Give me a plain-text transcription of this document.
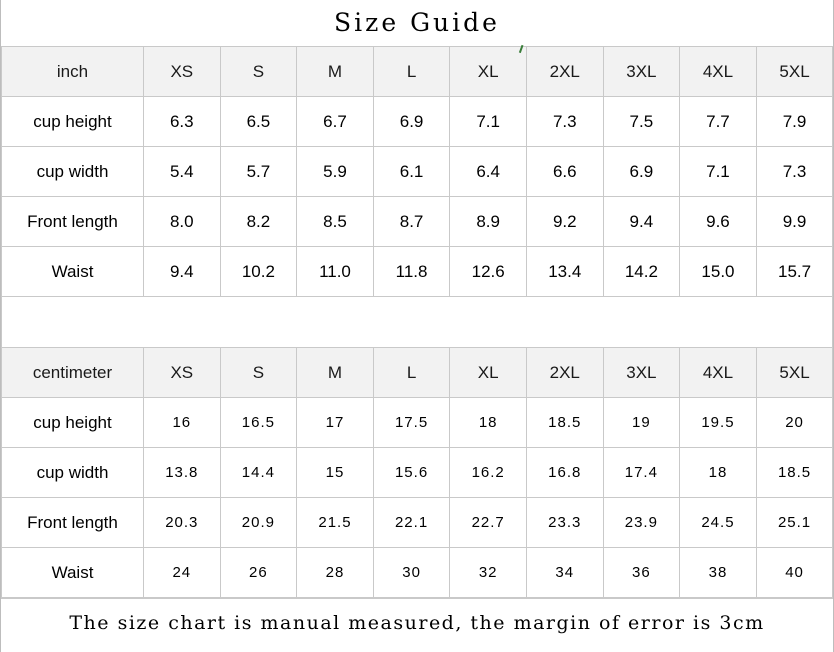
Size Guide
inch	XS	S	M	L	XL	2XL	3XL	4XL	5XL
cup height	6.3	6.5	6.7	6.9	7.1	7.3	7.5	7.7	7.9
cup width	5.4	5.7	5.9	6.1	6.4	6.6	6.9	7.1	7.3
Front length	8.0	8.2	8.5	8.7	8.9	9.2	9.4	9.6	9.9
Waist	9.4	10.2	11.0	11.8	12.6	13.4	14.2	15.0	15.7
centimeter	XS	S	M	L	XL	2XL	3XL	4XL	5XL
cup height	16	16.5	17	17.5	18	18.5	19	19.5	20
cup width	13.8	14.4	15	15.6	16.2	16.8	17.4	18	18.5
Front length	20.3	20.9	21.5	22.1	22.7	23.3	23.9	24.5	25.1
Waist	24	26	28	30	32	34	36	38	40
The size chart is manual measured, the margin of error is 3cm
